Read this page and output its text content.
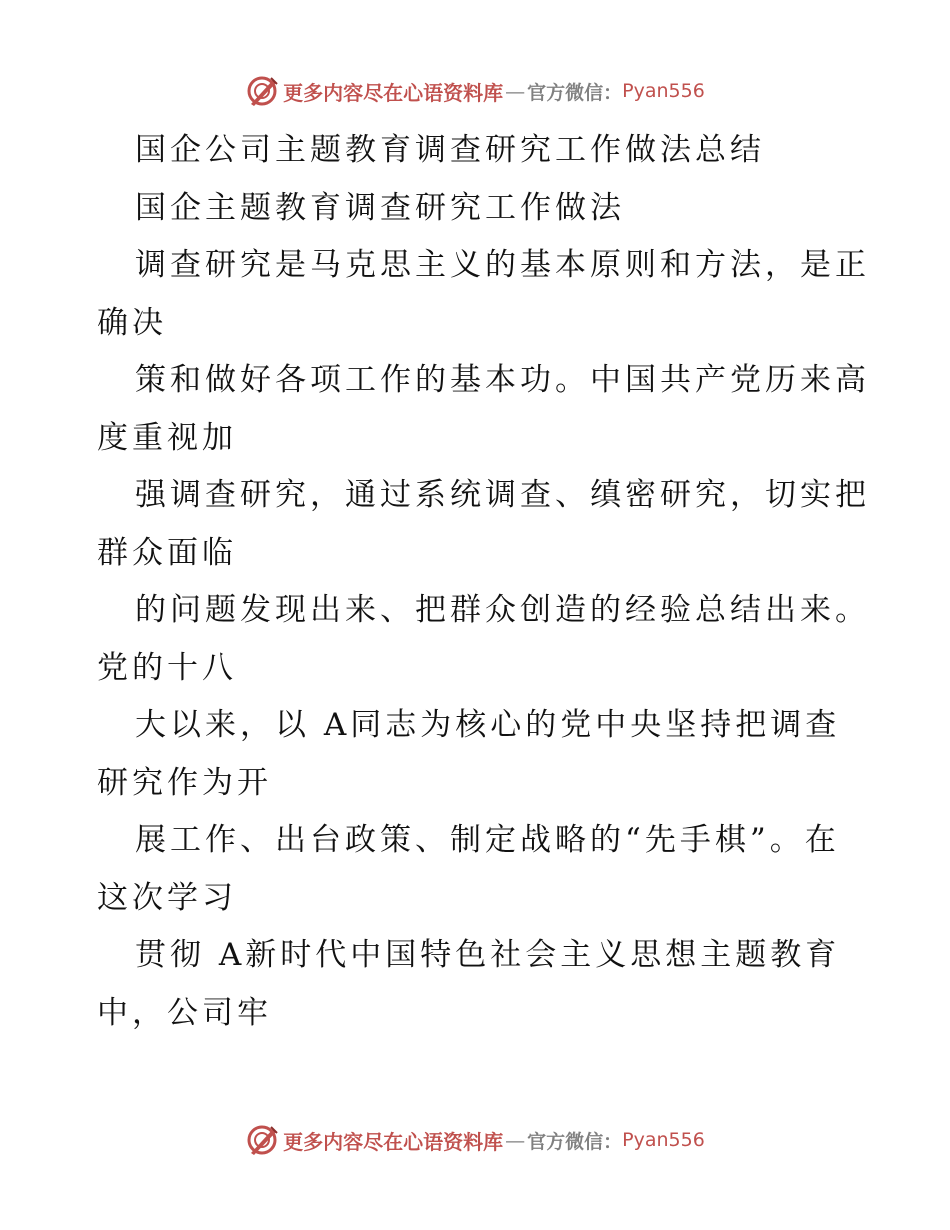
更多内容尽在心语资料库 — 官方微信： Pyan556
国企公司主题教育调查研究工作做法总结
国企主题教育调查研究工作做法
调查研究是马克思主义的基本原则和方法，是正
确决
策和做好各项工作的基本功。中国共产党历来高
度重视加
强调查研究，通过系统调查、缜密研究，切实把
群众面临
的问题发现出来、把群众创造的经验总结出来。
党的十八
大以来，以 A同志为核心的党中央坚持把调查
研究作为开
展工作、出台政策、制定战略的“先手棋”。在
这次学习
贯彻 A新时代中国特色社会主义思想主题教育
中，公司牢
更多内容尽在心语资料库 — 官方微信： Pyan556
